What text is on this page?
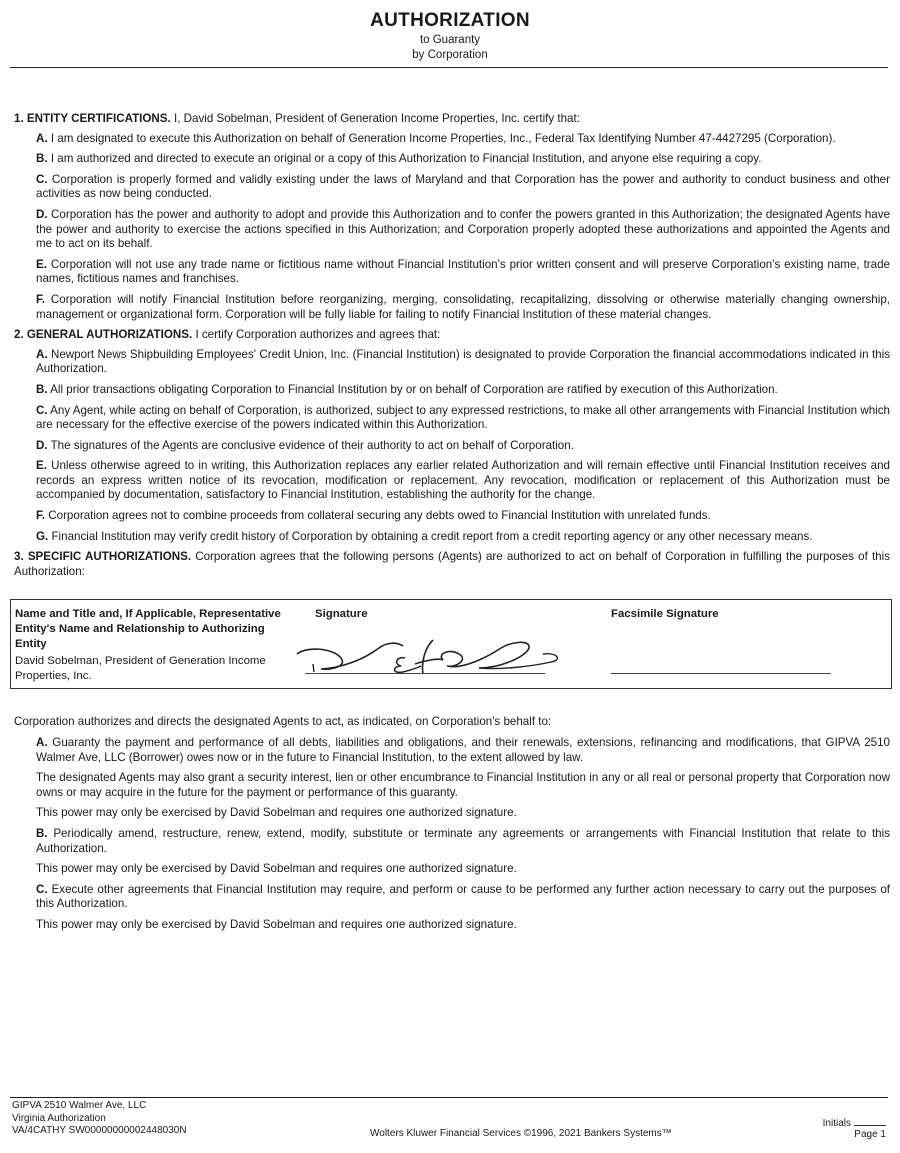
AUTHORIZATION
to Guaranty
by Corporation
1. ENTITY CERTIFICATIONS. I, David Sobelman, President of Generation Income Properties, Inc. certify that:
A. I am designated to execute this Authorization on behalf of Generation Income Properties, Inc., Federal Tax Identifying Number 47-4427295 (Corporation).
B. I am authorized and directed to execute an original or a copy of this Authorization to Financial Institution, and anyone else requiring a copy.
C. Corporation is properly formed and validly existing under the laws of Maryland and that Corporation has the power and authority to conduct business and other activities as now being conducted.
D. Corporation has the power and authority to adopt and provide this Authorization and to confer the powers granted in this Authorization; the designated Agents have the power and authority to exercise the actions specified in this Authorization; and Corporation properly adopted these authorizations and appointed the Agents and me to act on its behalf.
E. Corporation will not use any trade name or fictitious name without Financial Institution's prior written consent and will preserve Corporation's existing name, trade names, fictitious names and franchises.
F. Corporation will notify Financial Institution before reorganizing, merging, consolidating, recapitalizing, dissolving or otherwise materially changing ownership, management or organizational form. Corporation will be fully liable for failing to notify Financial Institution of these material changes.
2. GENERAL AUTHORIZATIONS. I certify Corporation authorizes and agrees that:
A. Newport News Shipbuilding Employees' Credit Union, Inc. (Financial Institution) is designated to provide Corporation the financial accommodations indicated in this Authorization.
B. All prior transactions obligating Corporation to Financial Institution by or on behalf of Corporation are ratified by execution of this Authorization.
C. Any Agent, while acting on behalf of Corporation, is authorized, subject to any expressed restrictions, to make all other arrangements with Financial Institution which are necessary for the effective exercise of the powers indicated within this Authorization.
D. The signatures of the Agents are conclusive evidence of their authority to act on behalf of Corporation.
E. Unless otherwise agreed to in writing, this Authorization replaces any earlier related Authorization and will remain effective until Financial Institution receives and records an express written notice of its revocation, modification or replacement. Any revocation, modification or replacement of this Authorization must be accompanied by documentation, satisfactory to Financial Institution, establishing the authority for the change.
F. Corporation agrees not to combine proceeds from collateral securing any debts owed to Financial Institution with unrelated funds.
G. Financial Institution may verify credit history of Corporation by obtaining a credit report from a credit reporting agency or any other necessary means.
3. SPECIFIC AUTHORIZATIONS. Corporation agrees that the following persons (Agents) are authorized to act on behalf of Corporation in fulfilling the purposes of this Authorization:
Name and Title and, If Applicable, Representative Entity's Name and Relationship to Authorizing Entity
David Sobelman, President of Generation Income Properties, Inc.
Signature	Facsimile Signature
Corporation authorizes and directs the designated Agents to act, as indicated, on Corporation's behalf to:
A. Guaranty the payment and performance of all debts, liabilities and obligations, and their renewals, extensions, refinancing and modifications, that GIPVA 2510 Walmer Ave, LLC (Borrower) owes now or in the future to Financial Institution, to the extent allowed by law.
The designated Agents may also grant a security interest, lien or other encumbrance to Financial Institution in any or all real or personal property that Corporation now owns or may acquire in the future for the payment or performance of this guaranty.
This power may only be exercised by David Sobelman and requires one authorized signature.
B. Periodically amend, restructure, renew, extend, modify, substitute or terminate any agreements or arrangements with Financial Institution that relate to this Authorization.
This power may only be exercised by David Sobelman and requires one authorized signature.
C. Execute other agreements that Financial Institution may require, and perform or cause to be performed any further action necessary to carry out the purposes of this Authorization.
This power may only be exercised by David Sobelman and requires one authorized signature.
GIPVA 2510 Walmer Ave, LLC
Virginia Authorization
VA/4CATHY SW00000000002448030N	Wolters Kluwer Financial Services ©1996, 2021 Bankers Systems™
Initials
Page 1
